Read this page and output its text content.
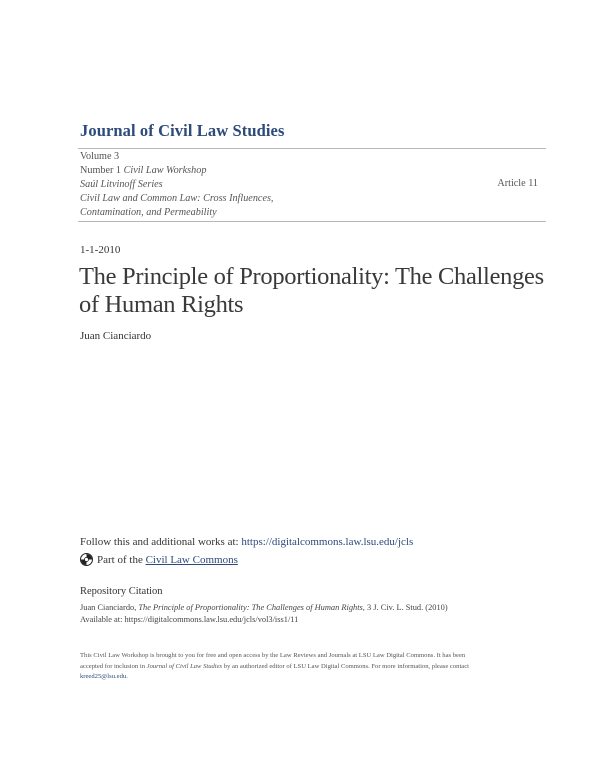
Journal of Civil Law Studies
Volume 3
Number 1 Civil Law Workshop
Saúl Litvinoff Series
Civil Law and Common Law: Cross Influences,
Contamination, and Permeability
Article 11
1-1-2010
The Principle of Proportionality: The Challenges of Human Rights
Juan Cianciardo
Follow this and additional works at: https://digitalcommons.law.lsu.edu/jcls
Part of the
Civil Law Commons
Repository Citation
Juan Cianciardo, The Principle of Proportionality: The Challenges of Human Rights, 3 J. Civ. L. Stud. (2010)
Available at: https://digitalcommons.law.lsu.edu/jcls/vol3/iss1/11
This Civil Law Workshop is brought to you for free and open access by the Law Reviews and Journals at LSU Law Digital Commons. It has been
accepted for inclusion in Journal of Civil Law Studies by an authorized editor of LSU Law Digital Commons. For more information, please contact
kreed25@lsu.edu.
